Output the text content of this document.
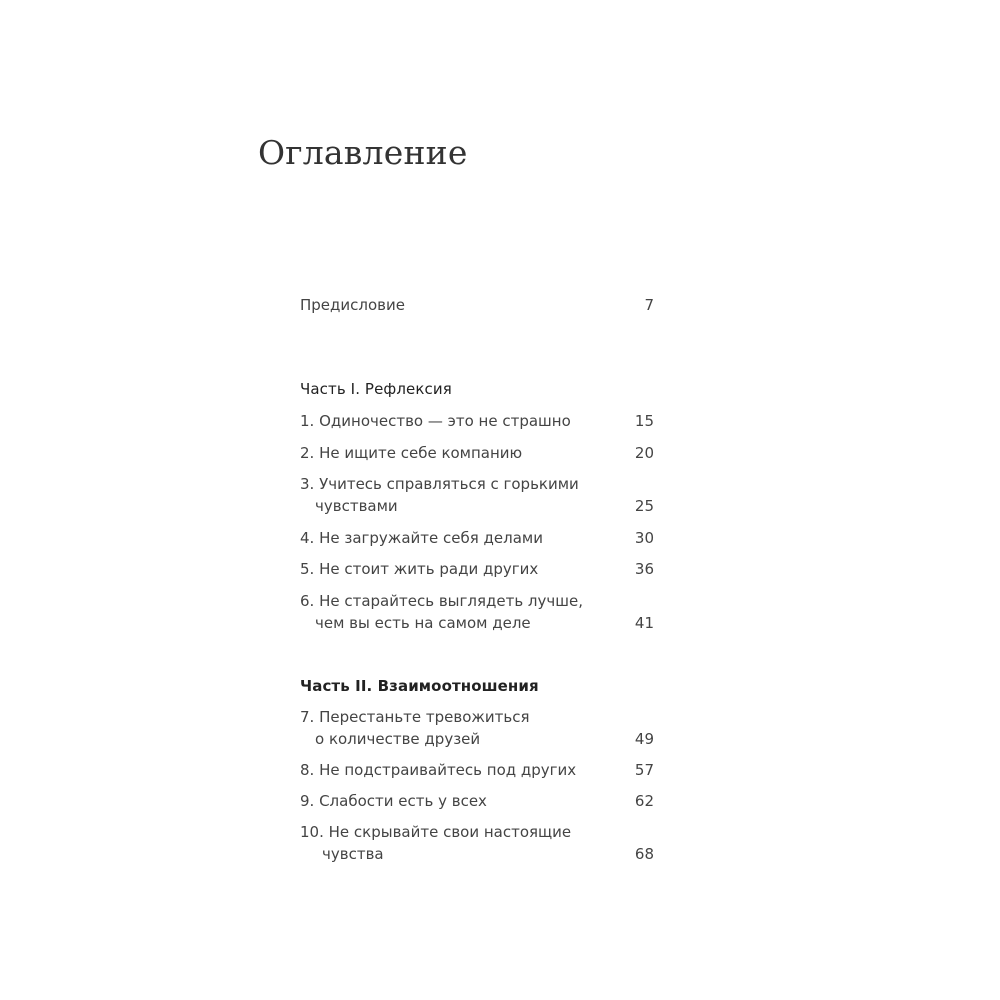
Оглавление
Предисловие	7
Часть I. Рефлексия
1. Одиночество — это не страшно	15
2. Не ищите себе компанию	20
3. Учитесь справляться с горькими
чувствами	25
4. Не загружайте себя делами	30
5. Не стоит жить ради других	36
6. Не старайтесь выглядеть лучше,
чем вы есть на самом деле	41
Часть II. Взаимоотношения
7. Перестаньте тревожиться
о количестве друзей	49
8. Не подстраивайтесь под других	57
9. Слабости есть у всех	62
10. Не скрывайте свои настоящие
чувства	68
